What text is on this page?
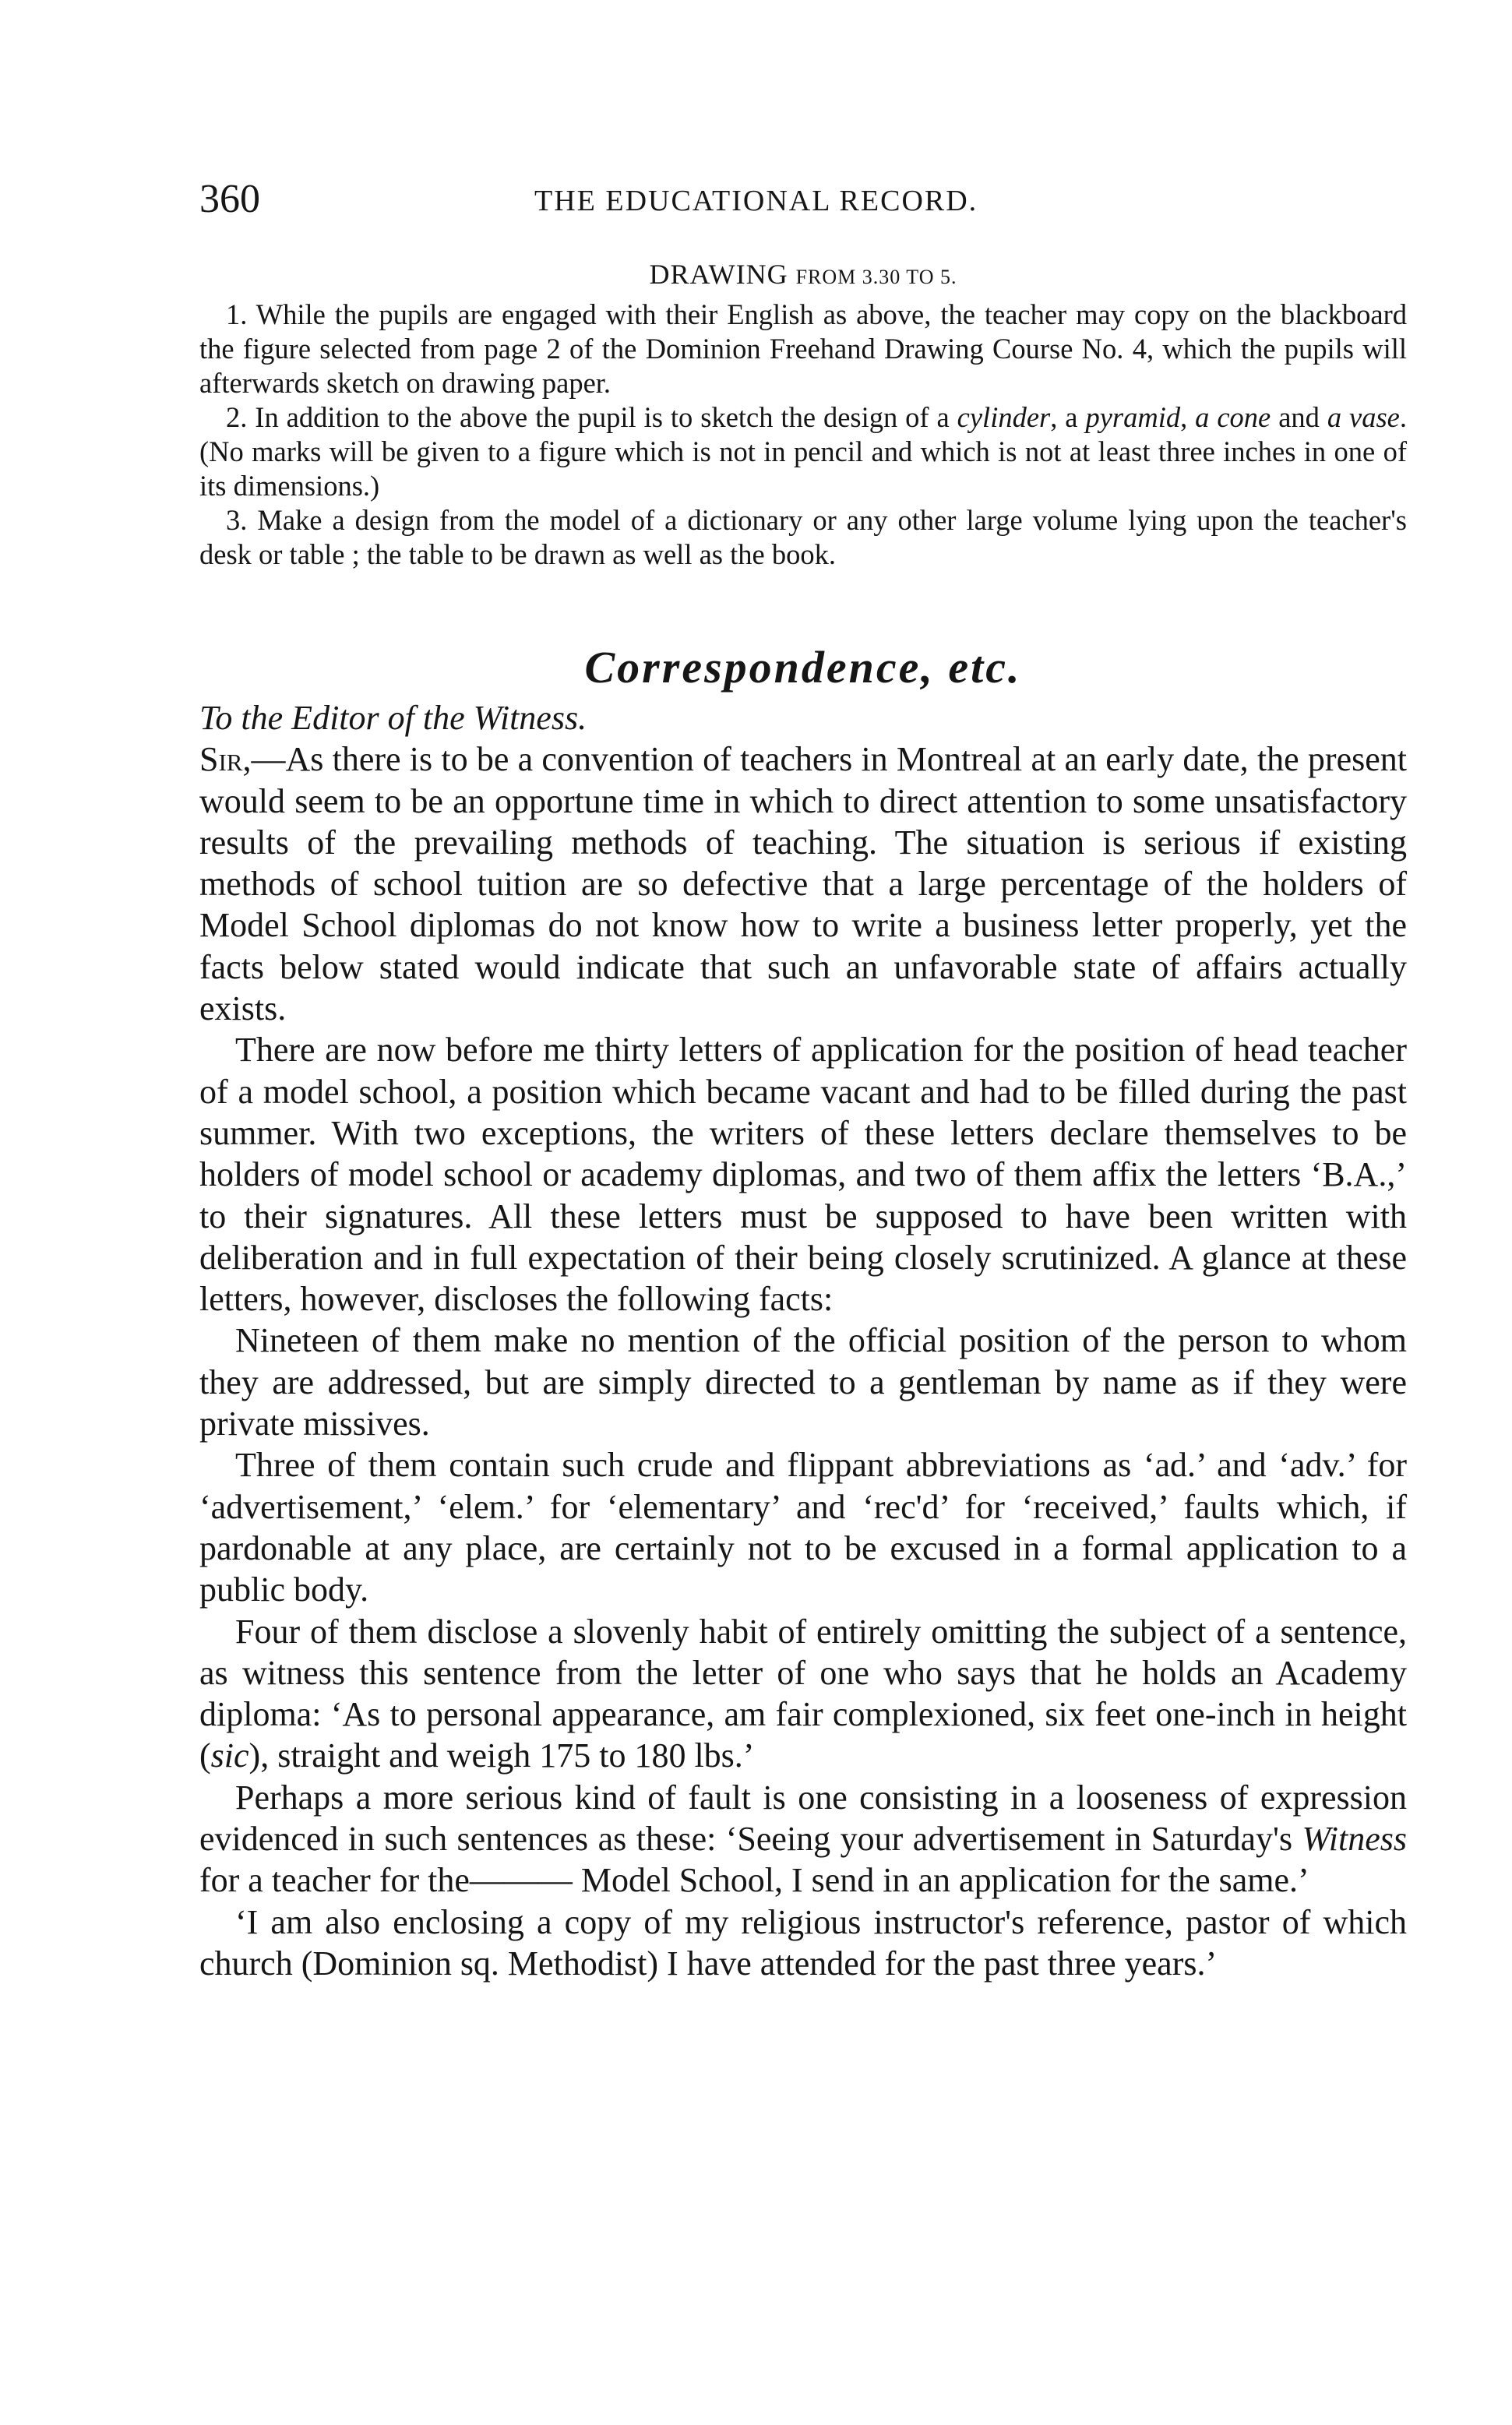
360	THE EDUCATIONAL RECORD.

DRAWING FROM 3.30 TO 5.

1. While the pupils are engaged with their English as above, the teacher may copy on the blackboard the figure selected from page 2 of the Dominion Freehand Drawing Course No. 4, which the pupils will afterwards sketch on drawing paper.

2. In addition to the above the pupil is to sketch the design of a cylinder, a pyramid, a cone and a vase. (No marks will be given to a figure which is not in pencil and which is not at least three inches in one of its dimensions.)

3. Make a design from the model of a dictionary or any other large volume lying upon the teacher's desk or table ; the table to be drawn as well as the book.

Correspondence, etc.

To the Editor of the Witness.

Sir,—As there is to be a convention of teachers in Montreal at an early date, the present would seem to be an opportune time in which to direct attention to some unsatisfactory results of the prevailing methods of teaching. The situation is serious if existing methods of school tuition are so defective that a large percentage of the holders of Model School diplomas do not know how to write a business letter properly, yet the facts below stated would indicate that such an unfavorable state of affairs actually exists.

There are now before me thirty letters of application for the position of head teacher of a model school, a position which became vacant and had to be filled during the past summer. With two exceptions, the writers of these letters declare themselves to be holders of model school or academy diplomas, and two of them affix the letters ‘B.A.,’ to their signatures. All these letters must be supposed to have been written with deliberation and in full expectation of their being closely scrutinized. A glance at these letters, however, discloses the following facts:

Nineteen of them make no mention of the official position of the person to whom they are addressed, but are simply directed to a gentleman by name as if they were private missives.

Three of them contain such crude and flippant abbreviations as ‘ad.’ and ‘adv.’ for ‘advertisement,’ ‘elem.’ for ‘elementary’ and ‘rec'd’ for ‘received,’ faults which, if pardonable at any place, are certainly not to be excused in a formal application to a public body.

Four of them disclose a slovenly habit of entirely omitting the subject of a sentence, as witness this sentence from the letter of one who says that he holds an Academy diploma: ‘As to personal appearance, am fair complexioned, six feet one-inch in height (sic), straight and weigh 175 to 180 lbs.’

Perhaps a more serious kind of fault is one consisting in a looseness of expression evidenced in such sentences as these: ‘Seeing your advertisement in Saturday's Witness for a teacher for the——— Model School, I send in an application for the same.’

‘I am also enclosing a copy of my religious instructor's reference, pastor of which church (Dominion sq. Methodist) I have attended for the past three years.’
